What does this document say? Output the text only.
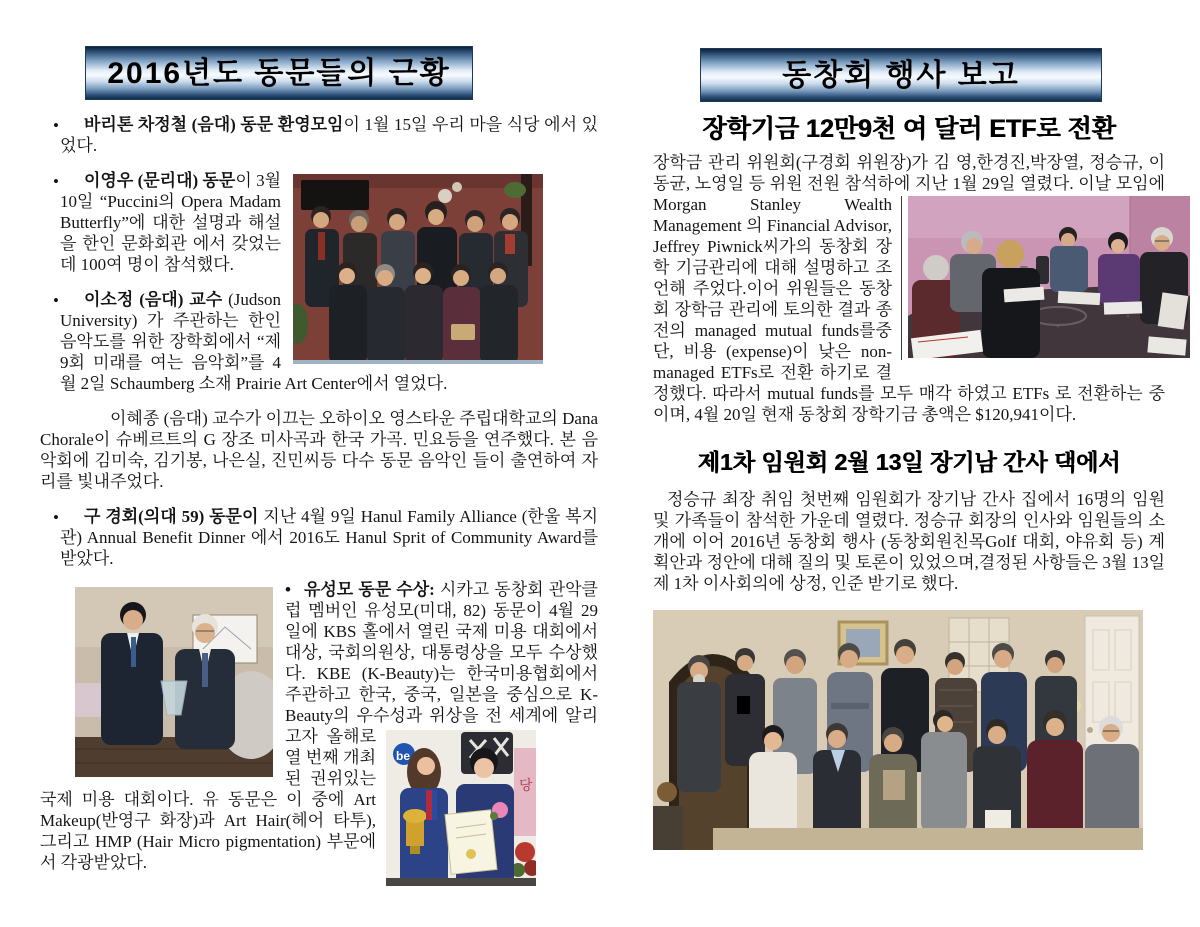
2016년도 동문들의 근황
• 바리톤 차정철 (음대) 동문 환영모임이 1월 15일 우리 마을 식당 에서 있었다.
• 이영우 (문리대) 동문이 3월10일 “Puccini의 Opera Madam Butterfly”에 대한 설명과 해설을 한인 문화회관 에서 갖었는데 100여 명이 참석했다.
• 이소정 (음대) 교수 (Judson University) 가 주관하는 한인 음악도를 위한 장학회에서 “제 9회 미래를 여는 음악회”를 4월 2일 Schaumberg 소재 Prairie Art Center에서 열었다.
이혜종 (음대) 교수가 이끄는 오하이오 영스타운 주립대학교의 Dana Chorale이 슈베르트의 G 장조 미사곡과 한국 가곡. 민요등을 연주했다. 본 음악회에 김미숙, 김기봉, 나은실, 진민씨등 다수 동문 음악인 들이 출연하여 자리를 빛내주었다.
• 구 경회(의대 59) 동문이 지난 4월 9일 Hanul Family Alliance (한울 복지관) Annual Benefit Dinner 에서 2016도 Hanul Sprit of Community Award를 받았다.
• 유성모 동문 수상: 시카고 동창회 관악클럽 멤버인 유성모(미대, 82) 동문이 4월 29일에 KBS 홀에서 열린 국제 미용 대회에서 대상, 국회의원상, 대통령상을 모두 수상했다. KBE (K-Beauty)는 한국미용협회에서 주관하고 한국, 중국, 일본을 중심으로 K-Beauty의 우수성과 위상
당
be
을 전 세계에 알리고자 올해로 열 번째 개최된 권위있는 국제 미용 대회이다. 유 동문은 이 중에 Art Makeup(반영구 화장)과 Art Hair(헤어 타투), 그리고 HMP (Hair Micro pigmentation) 부문에서 각광받았다.
동창회 행사 보고
장학기금 12만9천 여 달러 ETF로 전환
장학금 관리 위원회(구경회 위원장)가 김 영,한경진,박장열, 정승규, 이동균, 노영일 등 위원 전원 참석하에 지난 1월 29일 열렸다. 이날 모임에
Morgan Stanley Wealth Management 의 Financial Advisor, Jeffrey Piwnick씨가의 동창회 장학 기금관리에 대해 설명하고 조언해 주었다.이어 위원들은 동창회 장학금 관리에 토의한 결과 종전의 managed mutual funds를중단, 비용 (expense)이 낮은 non- managed ETFs로 전환 하기로 결정했다. 따라서 mutual funds를 모두 매각 하였고 ETFs 로 전환하는 중이며, 4월 20일 현재 동창회 장학기금 총액은 $120,941이다.
제1차 임원회 2월 13일 장기남 간사 댁에서
정승규 최장 취임 첫번째 임원회가 장기남 간사 집에서 16명의 임원및 가족들이 참석한 가운데 열렸다. 정승규 회장의 인사와 임원들의 소개에 이어 2016년 동창회 행사 (동창회원친목Golf 대회, 야유회 등) 계획안과 정안에 대해 질의 및 토론이 있었으며,결정된 사항들은 3월 13일 제 1차 이사회의에 상정, 인준 받기로 했다.
